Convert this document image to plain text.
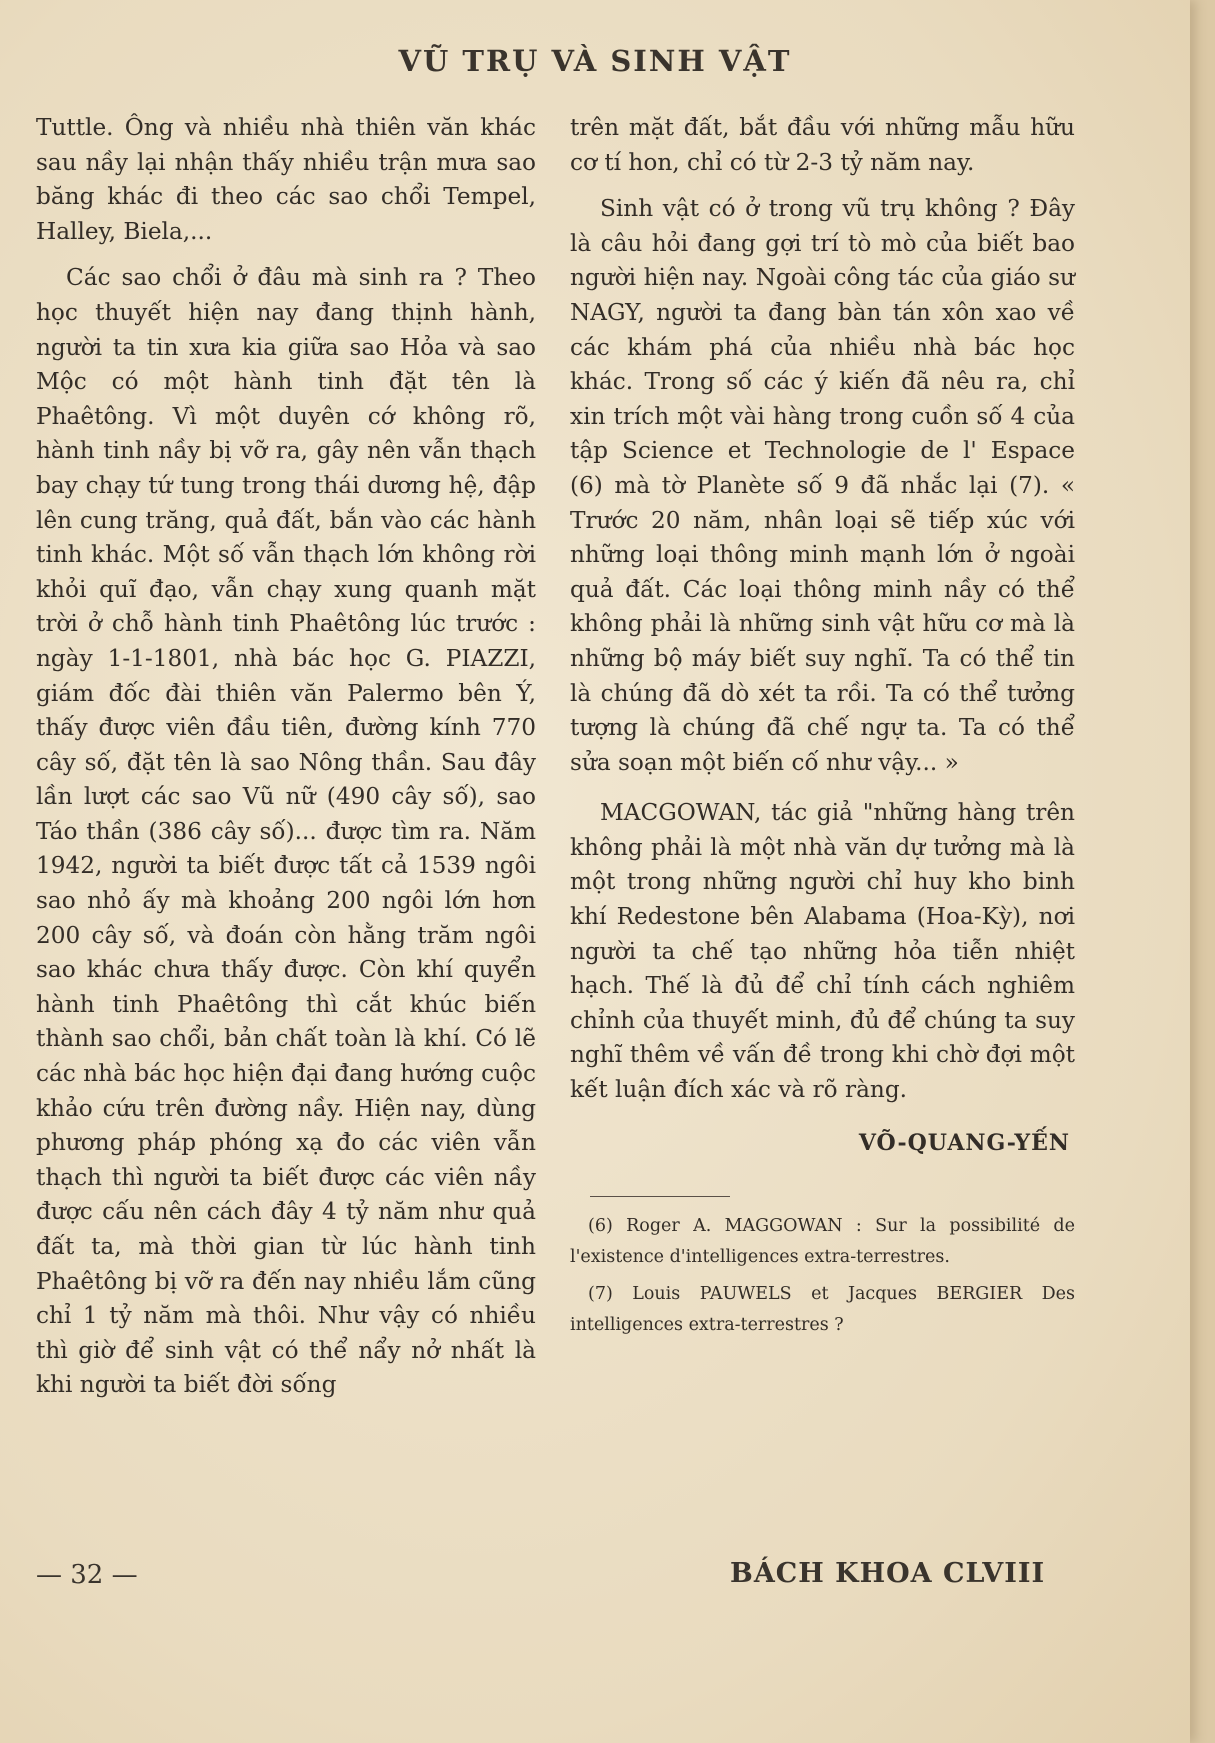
VŨ TRỤ VÀ SINH VẬT

Tuttle. Ông và nhiều nhà thiên văn khác sau nầy lại nhận thấy nhiều trận mưa sao băng khác đi theo các sao chổi Tempel, Halley, Biela,...

Các sao chổi ở đâu mà sinh ra ? Theo học thuyết hiện nay đang thịnh hành, người ta tin xưa kia giữa sao Hỏa và sao Mộc có một hành tinh đặt tên là Phaêtông. Vì một duyên cớ không rõ, hành tinh nầy bị vỡ ra, gây nên vẫn thạch bay chạy tứ tung trong thái dương hệ, đập lên cung trăng, quả đất, bắn vào các hành tinh khác. Một số vẫn thạch lớn không rời khỏi quĩ đạo, vẫn chạy xung quanh mặt trời ở chỗ hành tinh Phaêtông lúc trước : ngày 1-1-1801, nhà bác học G. PIAZZI, giám đốc đài thiên văn Palermo bên Ý, thấy được viên đầu tiên, đường kính 770 cây số, đặt tên là sao Nông thần. Sau đây lần lượt các sao Vũ nữ (490 cây số), sao Táo thần (386 cây số)... được tìm ra. Năm 1942, người ta biết được tất cả 1539 ngôi sao nhỏ ấy mà khoảng 200 ngôi lớn hơn 200 cây số, và đoán còn hằng trăm ngôi sao khác chưa thấy được. Còn khí quyển hành tinh Phaêtông thì cắt khúc biến thành sao chổi, bản chất toàn là khí. Có lẽ các nhà bác học hiện đại đang hướng cuộc khảo cứu trên đường nầy. Hiện nay, dùng phương pháp phóng xạ đo các viên vẫn thạch thì người ta biết được các viên nầy được cấu nên cách đây 4 tỷ năm như quả đất ta, mà thời gian từ lúc hành tinh Phaêtông bị vỡ ra đến nay nhiều lắm cũng chỉ 1 tỷ năm mà thôi. Như vậy có nhiều thì giờ để sinh vật có thể nẩy nở nhất là khi người ta biết đời sống

trên mặt đất, bắt đầu với những mẫu hữu cơ tí hon, chỉ có từ 2-3 tỷ năm nay.

Sinh vật có ở trong vũ trụ không ? Đây là câu hỏi đang gợi trí tò mò của biết bao người hiện nay. Ngoài công tác của giáo sư NAGY, người ta đang bàn tán xôn xao về các khám phá của nhiều nhà bác học khác. Trong số các ý kiến đã nêu ra, chỉ xin trích một vài hàng trong cuồn số 4 của tập Science et Technologie de l' Espace (6) mà tờ Planète số 9 đã nhắc lại (7). « Trước 20 năm, nhân loại sẽ tiếp xúc với những loại thông minh mạnh lớn ở ngoài quả đất. Các loại thông minh nầy có thể không phải là những sinh vật hữu cơ mà là những bộ máy biết suy nghĩ. Ta có thể tin là chúng đã dò xét ta rồi. Ta có thể tưởng tượng là chúng đã chế ngự ta. Ta có thể sửa soạn một biến cố như vậy... »

MACGOWAN, tác giả "những hàng trên không phải là một nhà văn dự tưởng mà là một trong những người chỉ huy kho binh khí Redestone bên Alabama (Hoa-Kỳ), nơi người ta chế tạo những hỏa tiễn nhiệt hạch. Thế là đủ để chỉ tính cách nghiêm chỉnh của thuyết minh, đủ để chúng ta suy nghĩ thêm về vấn đề trong khi chờ đợi một kết luận đích xác và rõ ràng.

VÕ-QUANG-YẾN

(6) Roger A. MAGGOWAN : Sur la possibilité de l'existence d'intelligences extra-terrestres.

(7) Louis PAUWELS et Jacques BERGIER Des intelligences extra-terrestres ?

— 32 —	BÁCH KHOA CLVIII
